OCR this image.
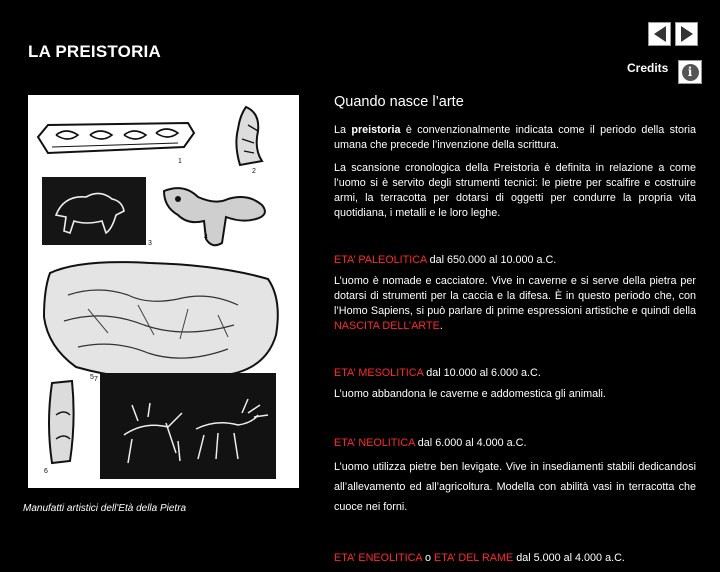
LA PREISTORIA
Credits	i
1
2
3
4
5
6
7
Manufatti artistici dell'Età della Pietra
Quando nasce l’arte

La preistoria è convenzionalmente indicata come il periodo della storia umana che precede l’invenzione della scrittura.

La scansione cronologica della Preistoria è definita in relazione a come l’uomo si è servito degli strumenti tecnici: le pietre per scalfire e costruire armi, la terracotta per dotarsi di oggetti per condurre la propria vita quotidiana, i metalli e le loro leghe.

ETA’ PALEOLITICA dal 650.000 al 10.000 a.C.

L’uomo è nomade e cacciatore. Vive in caverne e si serve della pietra per dotarsi di strumenti per la caccia e la difesa. È in questo periodo che, con l’Homo Sapiens, si può parlare di prime espressioni artistiche e quindi della NASCITA DELL’ARTE.

ETA’ MESOLITICA dal 10.000 al 6.000 a.C.

L’uomo abbandona le caverne e addomestica gli animali.

ETA’ NEOLITICA dal 6.000 al 4.000 a.C.

L’uomo utilizza pietre ben levigate. Vive in insediamenti stabili dedicandosi all’allevamento ed all’agricoltura. Modella con abilità vasi in terracotta che cuoce nei forni.

ETA’ ENEOLITICA o ETA’ DEL RAME dal 5.000 al 4.000 a.C.
